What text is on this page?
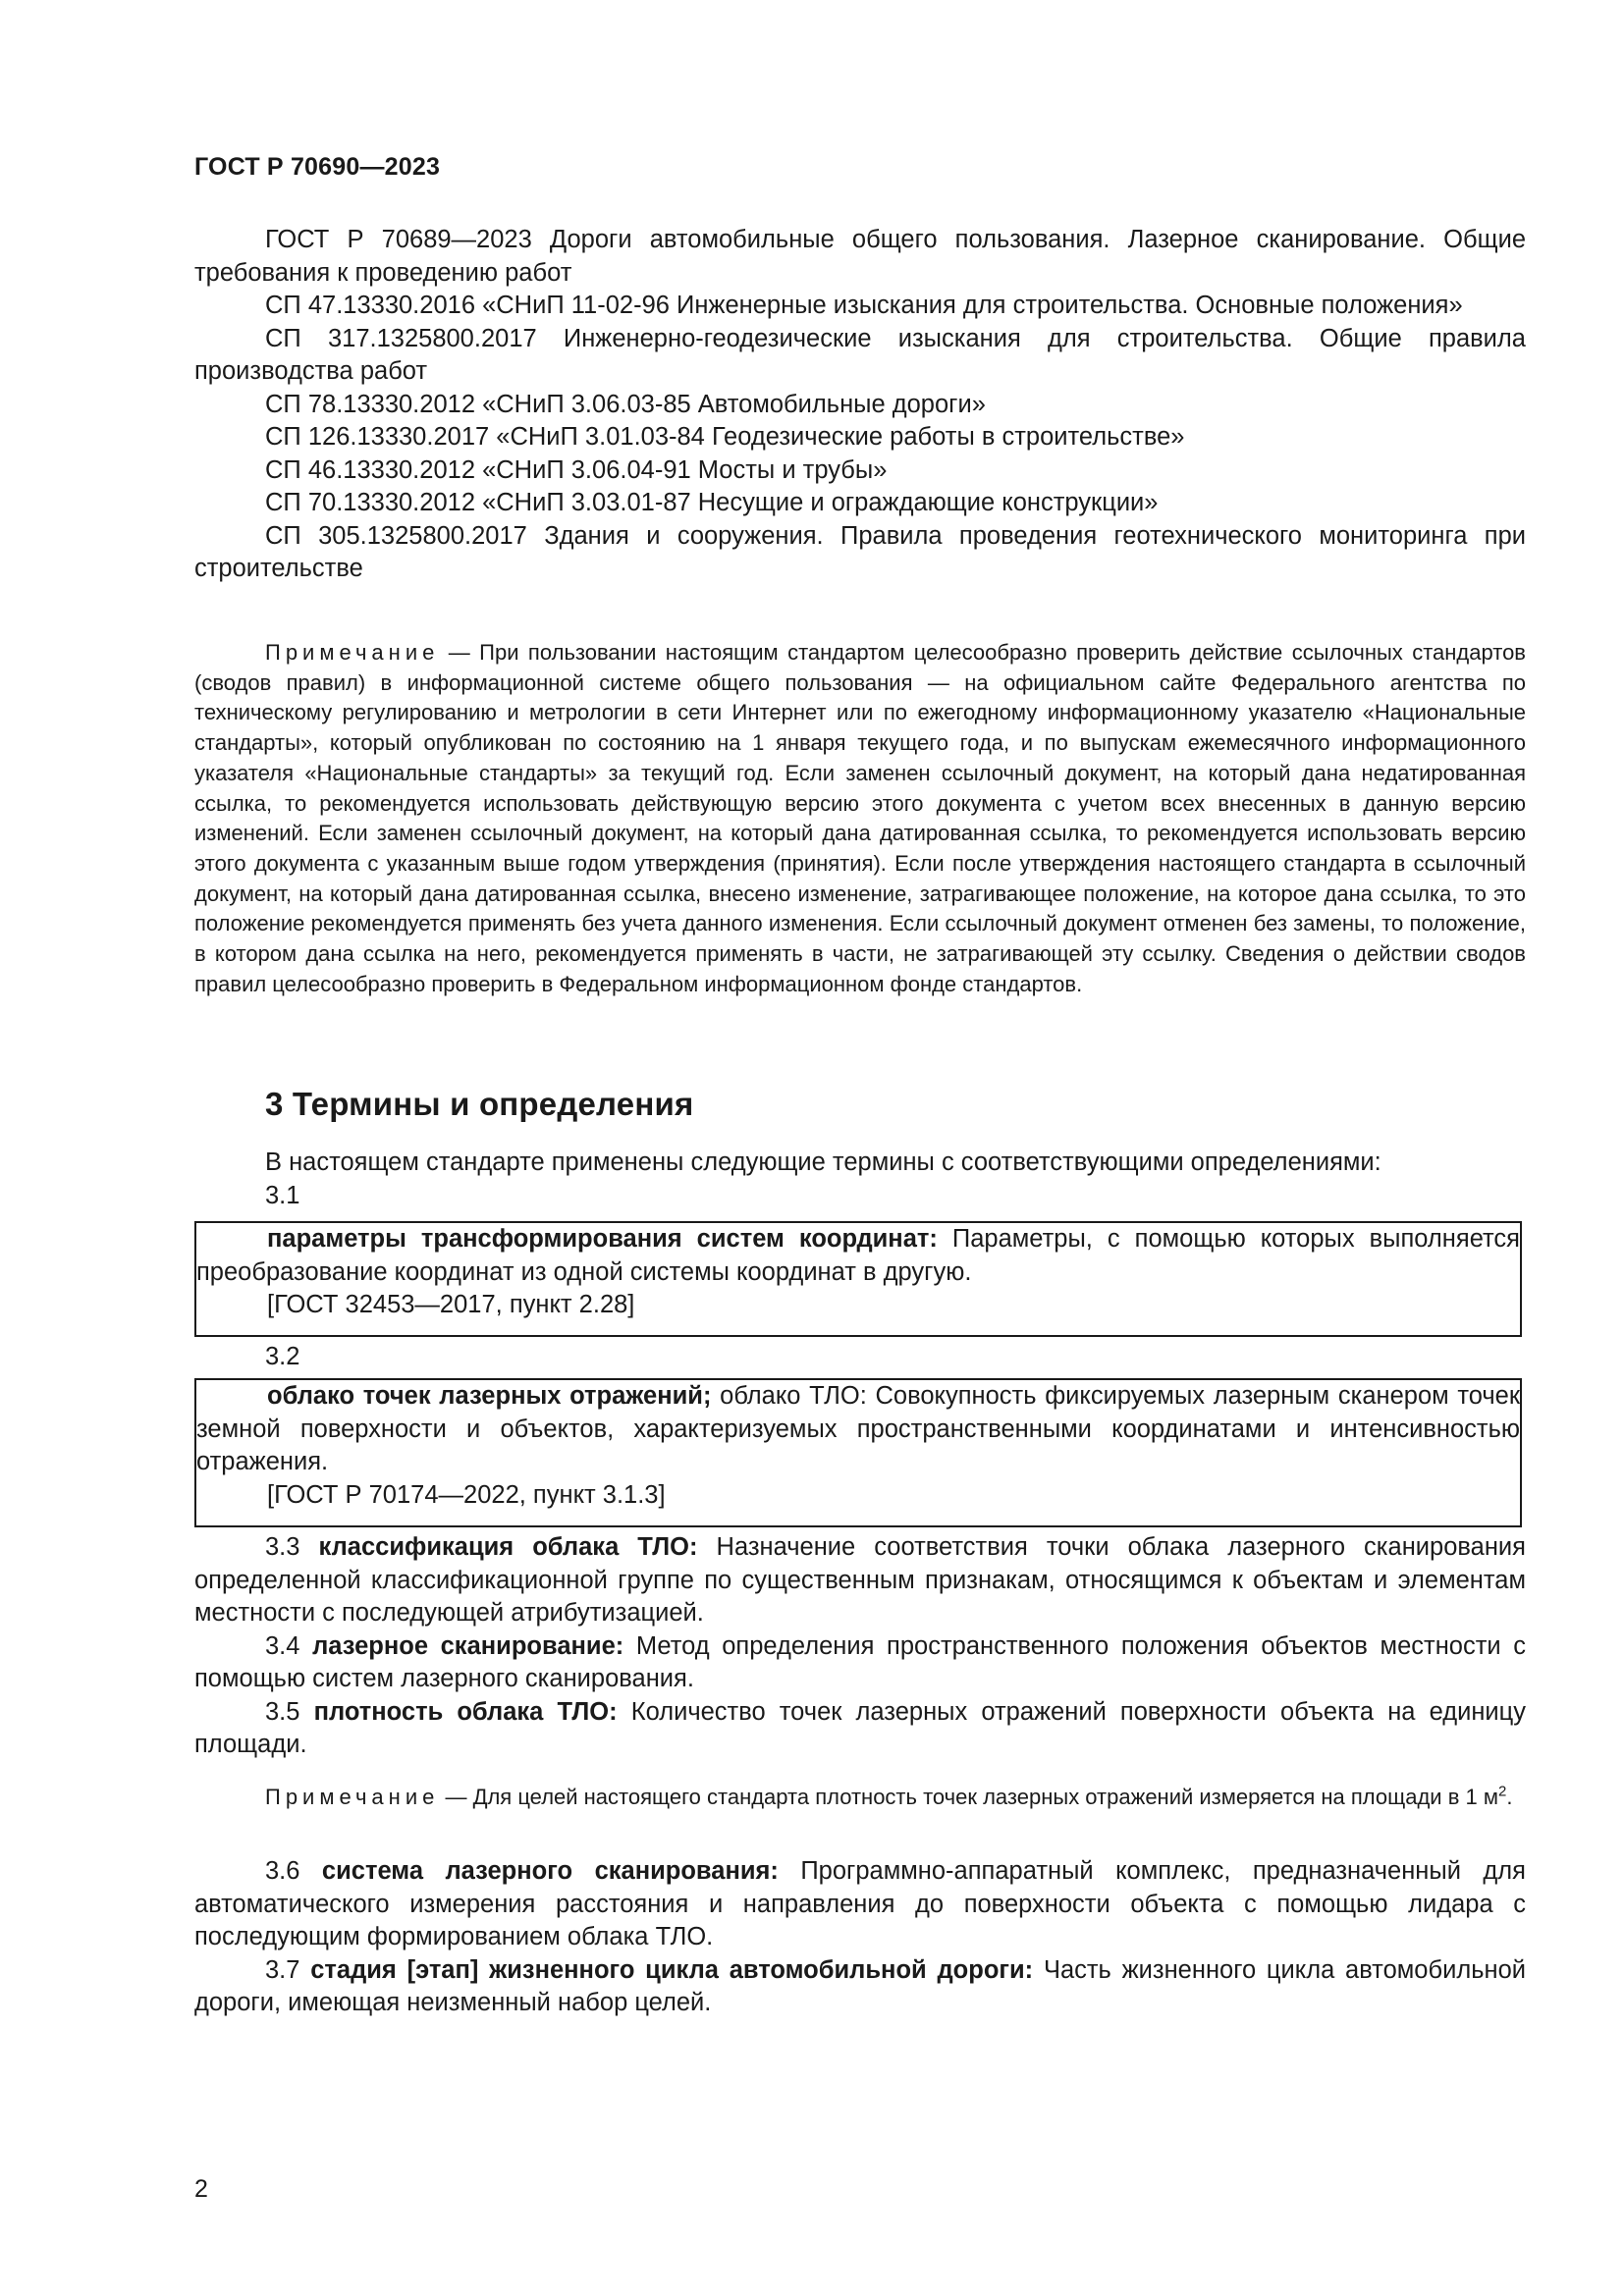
ГОСТ Р 70690—2023

ГОСТ Р 70689—2023 Дороги автомобильные общего пользования. Лазерное сканирование. Общие требования к проведению работ

СП 47.13330.2016 «СНиП 11-02-96 Инженерные изыскания для строительства. Основные положения»

СП 317.1325800.2017 Инженерно-геодезические изыскания для строительства. Общие правила производства работ

СП 78.13330.2012 «СНиП 3.06.03-85 Автомобильные дороги»

СП 126.13330.2017 «СНиП 3.01.03-84 Геодезические работы в строительстве»

СП 46.13330.2012 «СНиП 3.06.04-91 Мосты и трубы»

СП 70.13330.2012 «СНиП 3.03.01-87 Несущие и ограждающие конструкции»

СП 305.1325800.2017 Здания и сооружения. Правила проведения геотехнического мониторинга при строительстве

Примечание — При пользовании настоящим стандартом целесообразно проверить действие ссылочных стандартов (сводов правил) в информационной системе общего пользования — на официальном сайте Федерального агентства по техническому регулированию и метрологии в сети Интернет или по ежегодному информационному указателю «Национальные стандарты», который опубликован по состоянию на 1 января текущего года, и по выпускам ежемесячного информационного указателя «Национальные стандарты» за текущий год. Если заменен ссылочный документ, на который дана недатированная ссылка, то рекомендуется использовать действующую версию этого документа с учетом всех внесенных в данную версию изменений. Если заменен ссылочный документ, на который дана датированная ссылка, то рекомендуется использовать версию этого документа с указанным выше годом утверждения (принятия). Если после утверждения настоящего стандарта в ссылочный документ, на который дана датированная ссылка, внесено изменение, затрагивающее положение, на которое дана ссылка, то это положение рекомендуется применять без учета данного изменения. Если ссылочный документ отменен без замены, то положение, в котором дана ссылка на него, рекомендуется применять в части, не затрагивающей эту ссылку. Сведения о действии сводов правил целесообразно проверить в Федеральном информационном фонде стандартов.

3 Термины и определения

В настоящем стандарте применены следующие термины с соответствующими определениями:

3.1

параметры трансформирования систем координат: Параметры, с помощью которых выполняется преобразование координат из одной системы координат в другую.

[ГОСТ 32453—2017, пункт 2.28]

3.2

облако точек лазерных отражений; облако ТЛО: Совокупность фиксируемых лазерным сканером точек земной поверхности и объектов, характеризуемых пространственными координатами и интенсивностью отражения.

[ГОСТ Р 70174—2022, пункт 3.1.3]

3.3 классификация облака ТЛО: Назначение соответствия точки облака лазерного сканирования определенной классификационной группе по существенным признакам, относящимся к объектам и элементам местности с последующей атрибутизацией.

3.4 лазерное сканирование: Метод определения пространственного положения объектов местности с помощью систем лазерного сканирования.

3.5 плотность облака ТЛО: Количество точек лазерных отражений поверхности объекта на единицу площади.

Примечание — Для целей настоящего стандарта плотность точек лазерных отражений измеряется на площади в 1 $м^2$.

3.6 система лазерного сканирования: Программно-аппаратный комплекс, предназначенный для автоматического измерения расстояния и направления до поверхности объекта с помощью лидара с последующим формированием облака ТЛО.

3.7 стадия [этап] жизненного цикла автомобильной дороги: Часть жизненного цикла автомобильной дороги, имеющая неизменный набор целей.

2
